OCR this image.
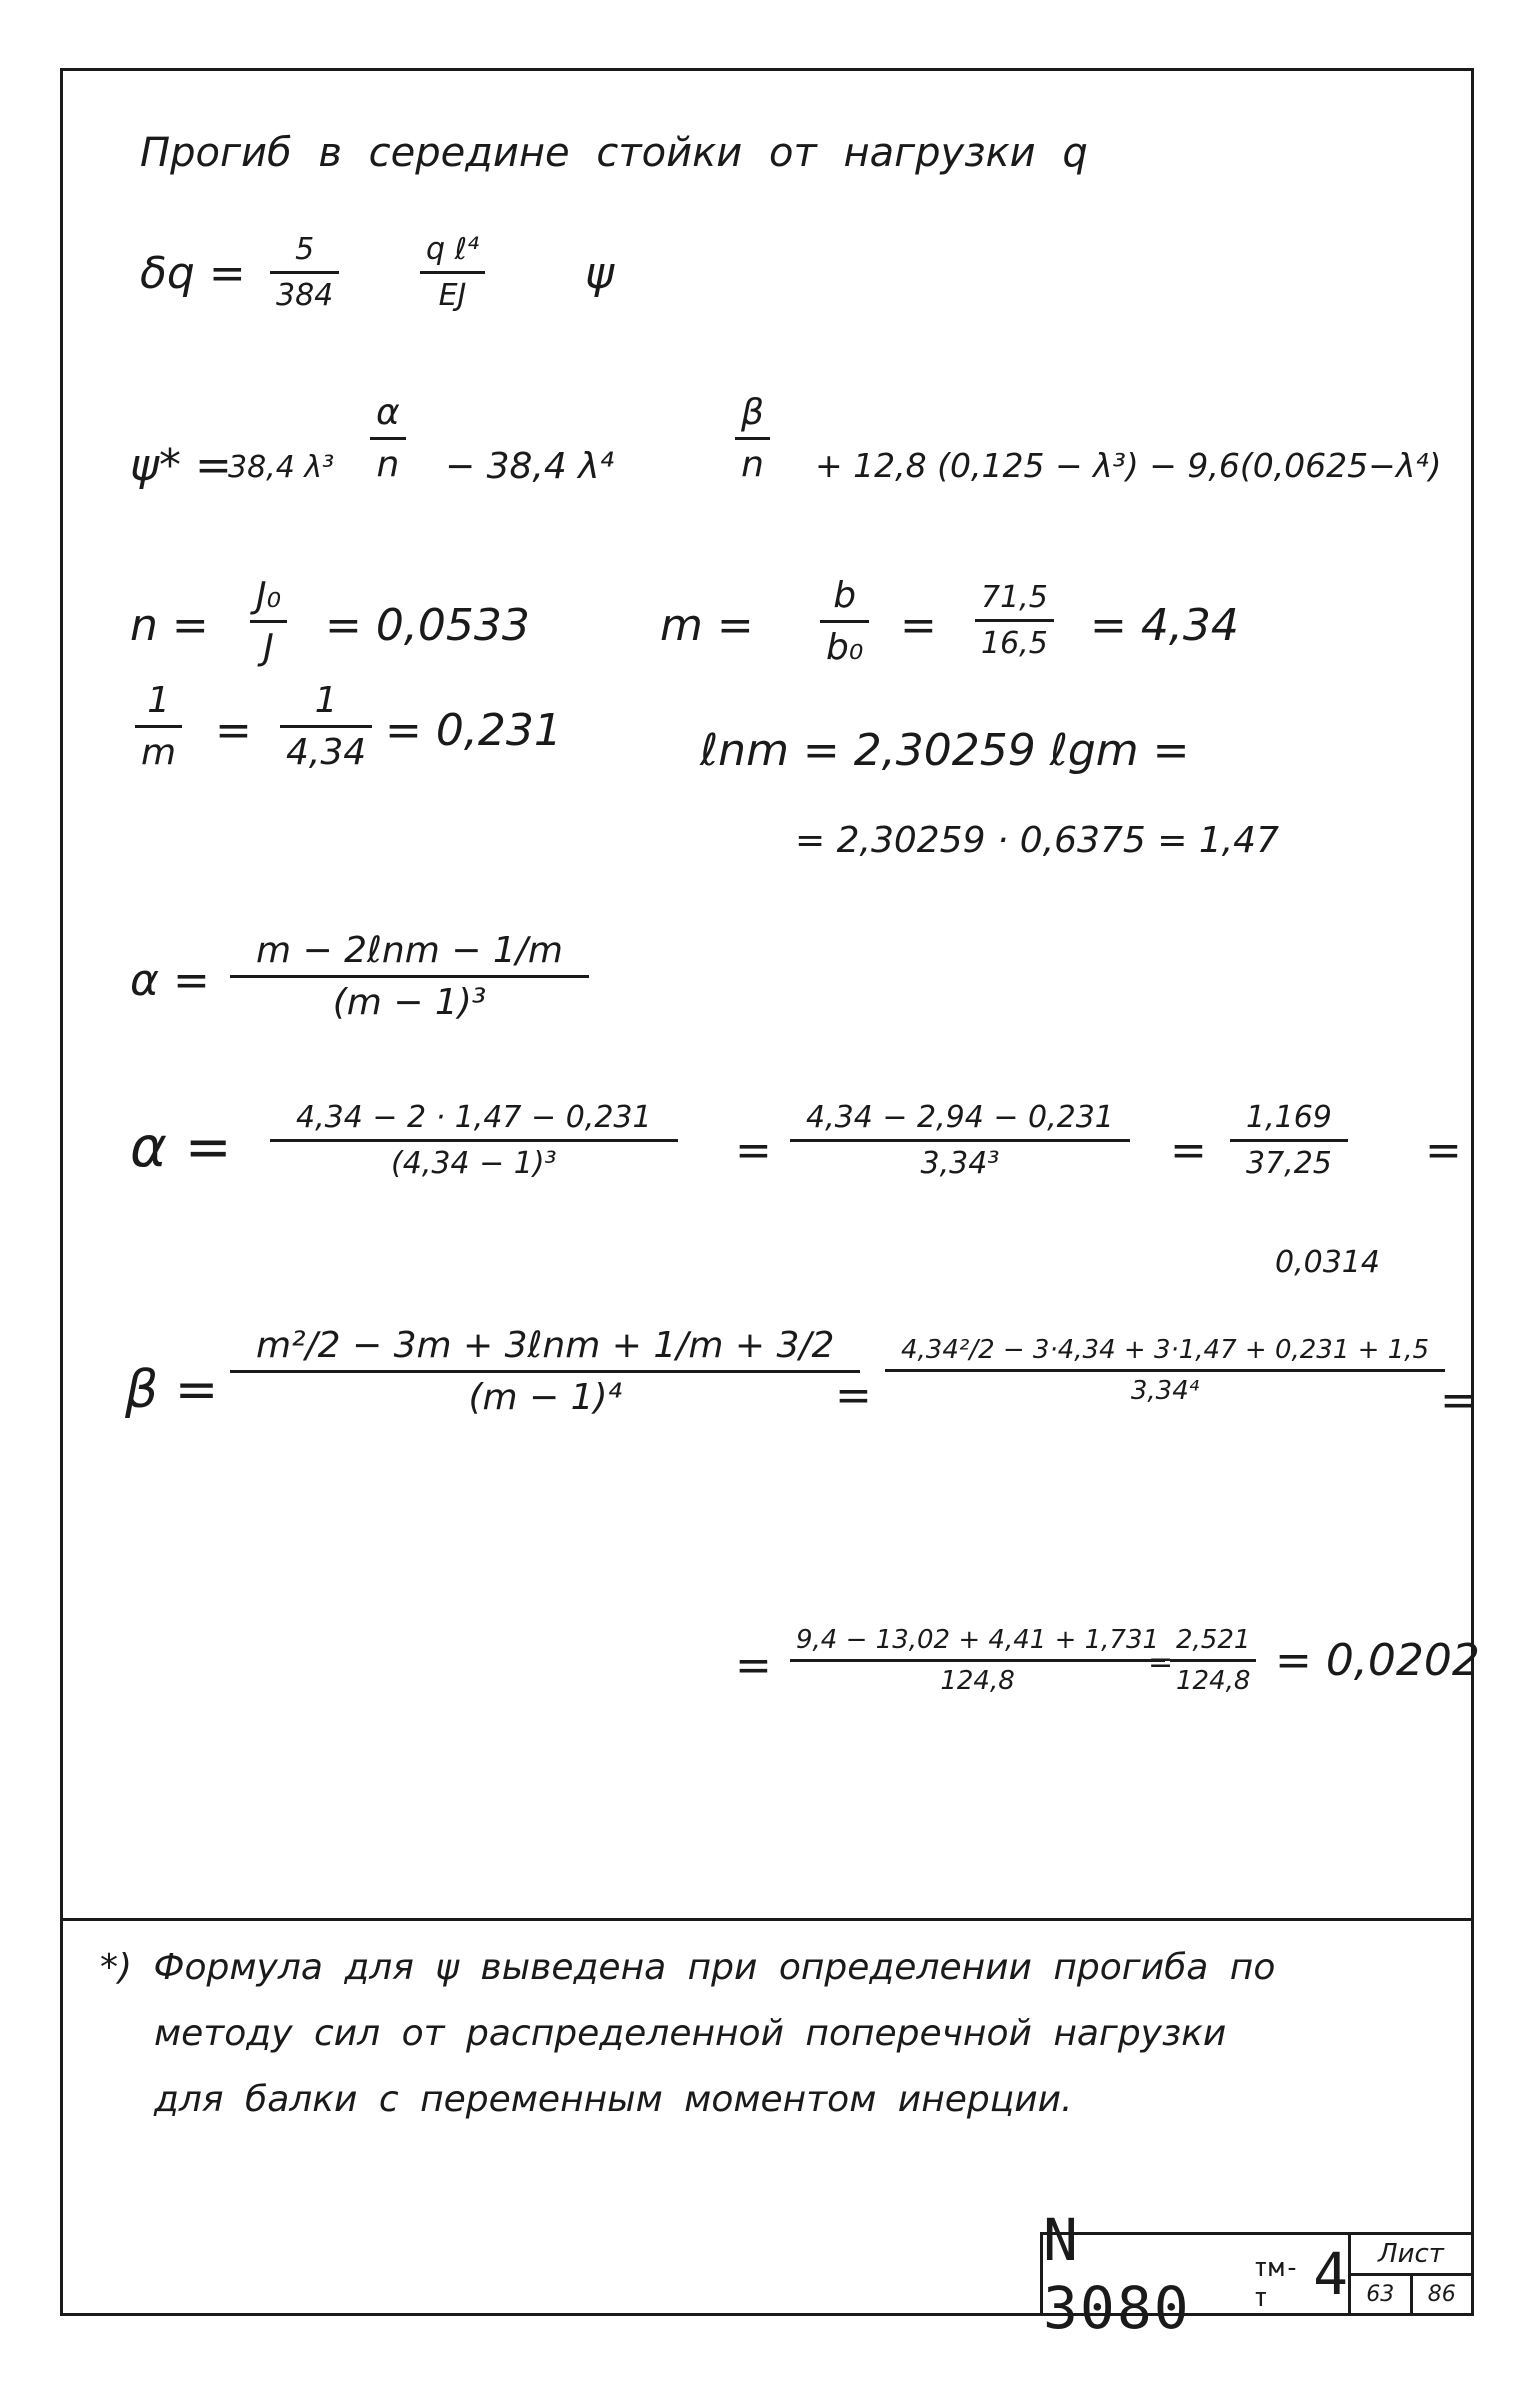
Прогиб в середине стойки от нагрузки q
δq = 5
384
q ℓ⁴
EJ	ψ
ψ* =
38,4 λ³
α
n − 38,4 λ⁴
β
n + 12,8 (0,125 − λ³) − 9,6(0,0625−λ⁴)
n =
J₀
J = 0,0533	m =
b
b₀ =
71,5
16,5 = 4,34
1
m =
1
4,34 = 0,231	ℓnm = 2,30259 ℓgm =
= 2,30259 · 0,6375 = 1,47
α =
m − 2ℓnm − 1/m
(m − 1)³
α = 4,34 − 2 · 1,47 − 0,231
(4,34 − 1)³	=
4,34 − 2,94 − 0,231
3,34³	=
1,169
37,25 =
0,0314
β =
m²/2 − 3m + 3ℓnm + 1/m + 3/2
(m − 1)⁴	=
4,34²/2 − 3·4,34 + 3·1,47 + 0,231 + 1,5
3,34⁴	=
= 9,4 − 13,02 + 4,41 + 1,731
124,8
=
2,521
124,8 = 0,0202
*) Формула для ψ выведена при определении прогиба по
методу сил от распределенной поперечной нагрузки
для балки с переменным моментом инерции.
N 3080
тм-т 4	Лист
63	86
